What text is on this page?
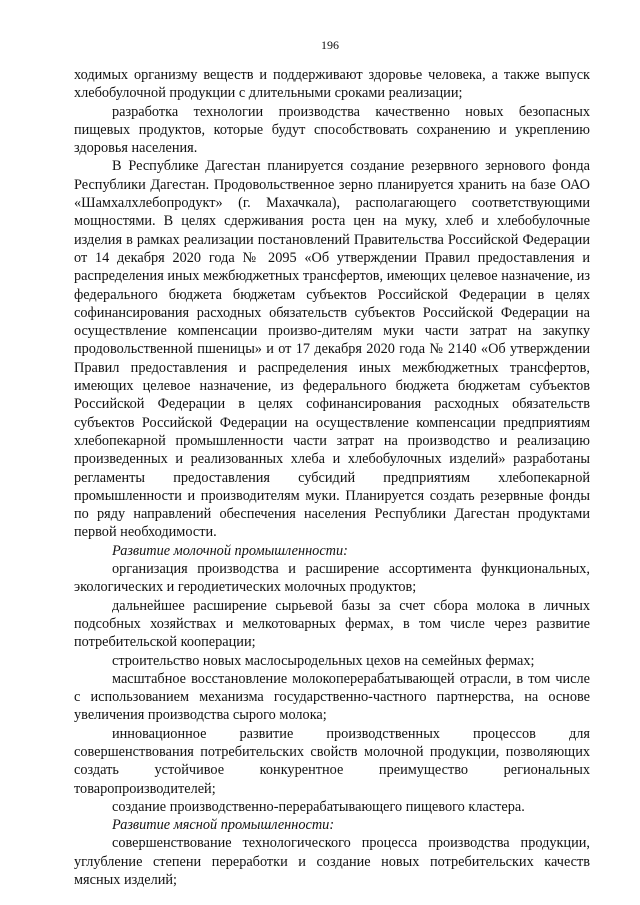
196

ходимых организму веществ и поддерживают здоровье человека, а также выпуск хлебобулочной продукции с длительными сроками реализации;

разработка технологии производства качественно новых безопасных пищевых продуктов, которые будут способствовать сохранению и укреплению здоровья населения.

В Республике Дагестан планируется создание резервного зернового фонда Республики Дагестан. Продовольственное зерно планируется хранить на базе ОАО «Шамхалхлебопродукт» (г. Махачкала), располагающего соответствующими мощностями. В целях сдерживания роста цен на муку, хлеб и хлебобулочные изделия в рамках реализации постановлений Правительства Российской Федерации от 14 декабря 2020 года № 2095 «Об утверждении Правил предоставления и распределения иных межбюджетных трансфертов, имеющих целевое назначение, из федерального бюджета бюджетам субъектов Российской Федерации в целях софинансирования расходных обязательств субъектов Российской Федерации на осуществление компенсации произво-дителям муки части затрат на закупку продовольственной пшеницы» и от 17 декабря 2020 года № 2140 «Об утверждении Правил предоставления и распределения иных межбюджетных трансфертов, имеющих целевое назначение, из федерального бюджета бюджетам субъектов Российской Федерации в целях софинансирования расходных обязательств субъектов Российской Федерации на осуществление компенсации предприятиям хлебопекарной промышленности части затрат на производство и реализацию произведенных и реализованных хлеба и хлебобулочных изделий» разработаны регламенты предоставления субсидий предприятиям хлебопекарной промышленности и производителям муки. Планируется создать резервные фонды по ряду направлений обеспечения населения Республики Дагестан продуктами первой необходимости.

Развитие молочной промышленности:

организация производства и расширение ассортимента функциональных, экологических и геродиетических молочных продуктов;

дальнейшее расширение сырьевой базы за счет сбора молока в личных подсобных хозяйствах и мелкотоварных фермах, в том числе через развитие потребительской кооперации;

строительство новых маслосыродельных цехов на семейных фермах;

масштабное восстановление молокоперерабатывающей отрасли, в том числе с использованием механизма государственно-частного партнерства, на основе увеличения производства сырого молока;

инновационное развитие производственных процессов для совершенствования потребительских свойств молочной продукции, позволяющих создать устойчивое конкурентное преимущество региональных товаропроизводителей;

создание производственно-перерабатывающего пищевого кластера.

Развитие мясной промышленности:

совершенствование технологического процесса производства продукции, углубление степени переработки и создание новых потребительских качеств мясных изделий;
